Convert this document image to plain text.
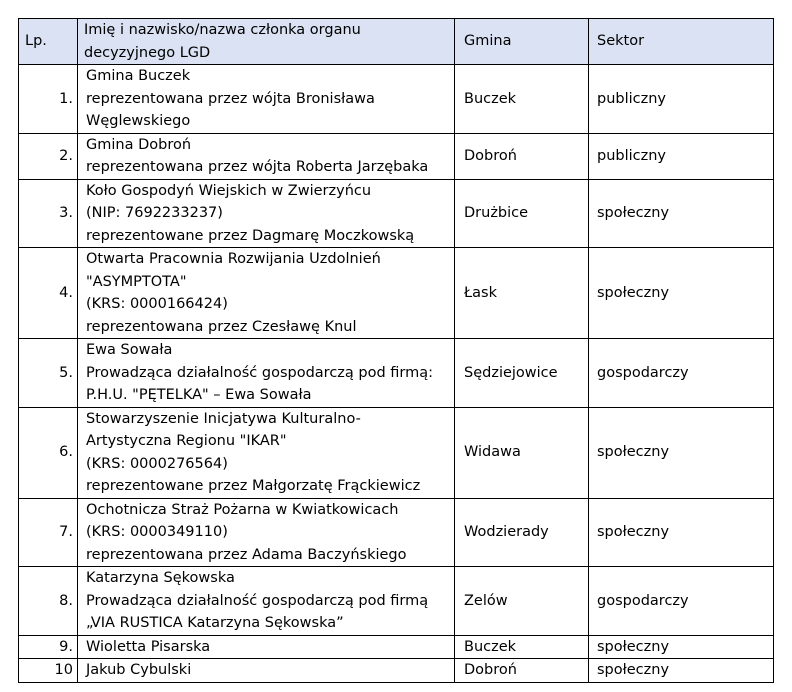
Lp.	Imię i nazwisko/nazwa członka organu
decyzyjnego LGD	Gmina	Sektor
1.	Gmina Buczek
reprezentowana przez wójta Bronisława
Węglewskiego	Buczek	publiczny
2.	Gmina Dobroń
reprezentowana przez wójta Roberta Jarzębaka	Dobroń	publiczny
3.	Koło Gospodyń Wiejskich w Zwierzyńcu
(NIP: 7692233237)
reprezentowane przez Dagmarę Moczkowską	Drużbice	społeczny
4.	Otwarta Pracownia Rozwijania Uzdolnień
"ASYMPTOTA"
(KRS: 0000166424)
reprezentowana przez Czesławę Knul	Łask	społeczny
5.	Ewa Sowała
Prowadząca działalność gospodarczą pod firmą:
P.H.U. "PĘTELKA" – Ewa Sowała	Sędziejowice	gospodarczy
6.	Stowarzyszenie Inicjatywa Kulturalno-
Artystyczna Regionu "IKAR"
(KRS: 0000276564)
reprezentowane przez Małgorzatę Frąckiewicz	Widawa	społeczny
7.	Ochotnicza Straż Pożarna w Kwiatkowicach
(KRS: 0000349110)
reprezentowana przez Adama Baczyńskiego	Wodzierady	społeczny
8.	Katarzyna Sękowska
Prowadząca działalność gospodarczą pod firmą
„VIA RUSTICA Katarzyna Sękowska”	Zelów	gospodarczy
9.	Wioletta Pisarska	Buczek	społeczny
10	Jakub Cybulski	Dobroń	społeczny
